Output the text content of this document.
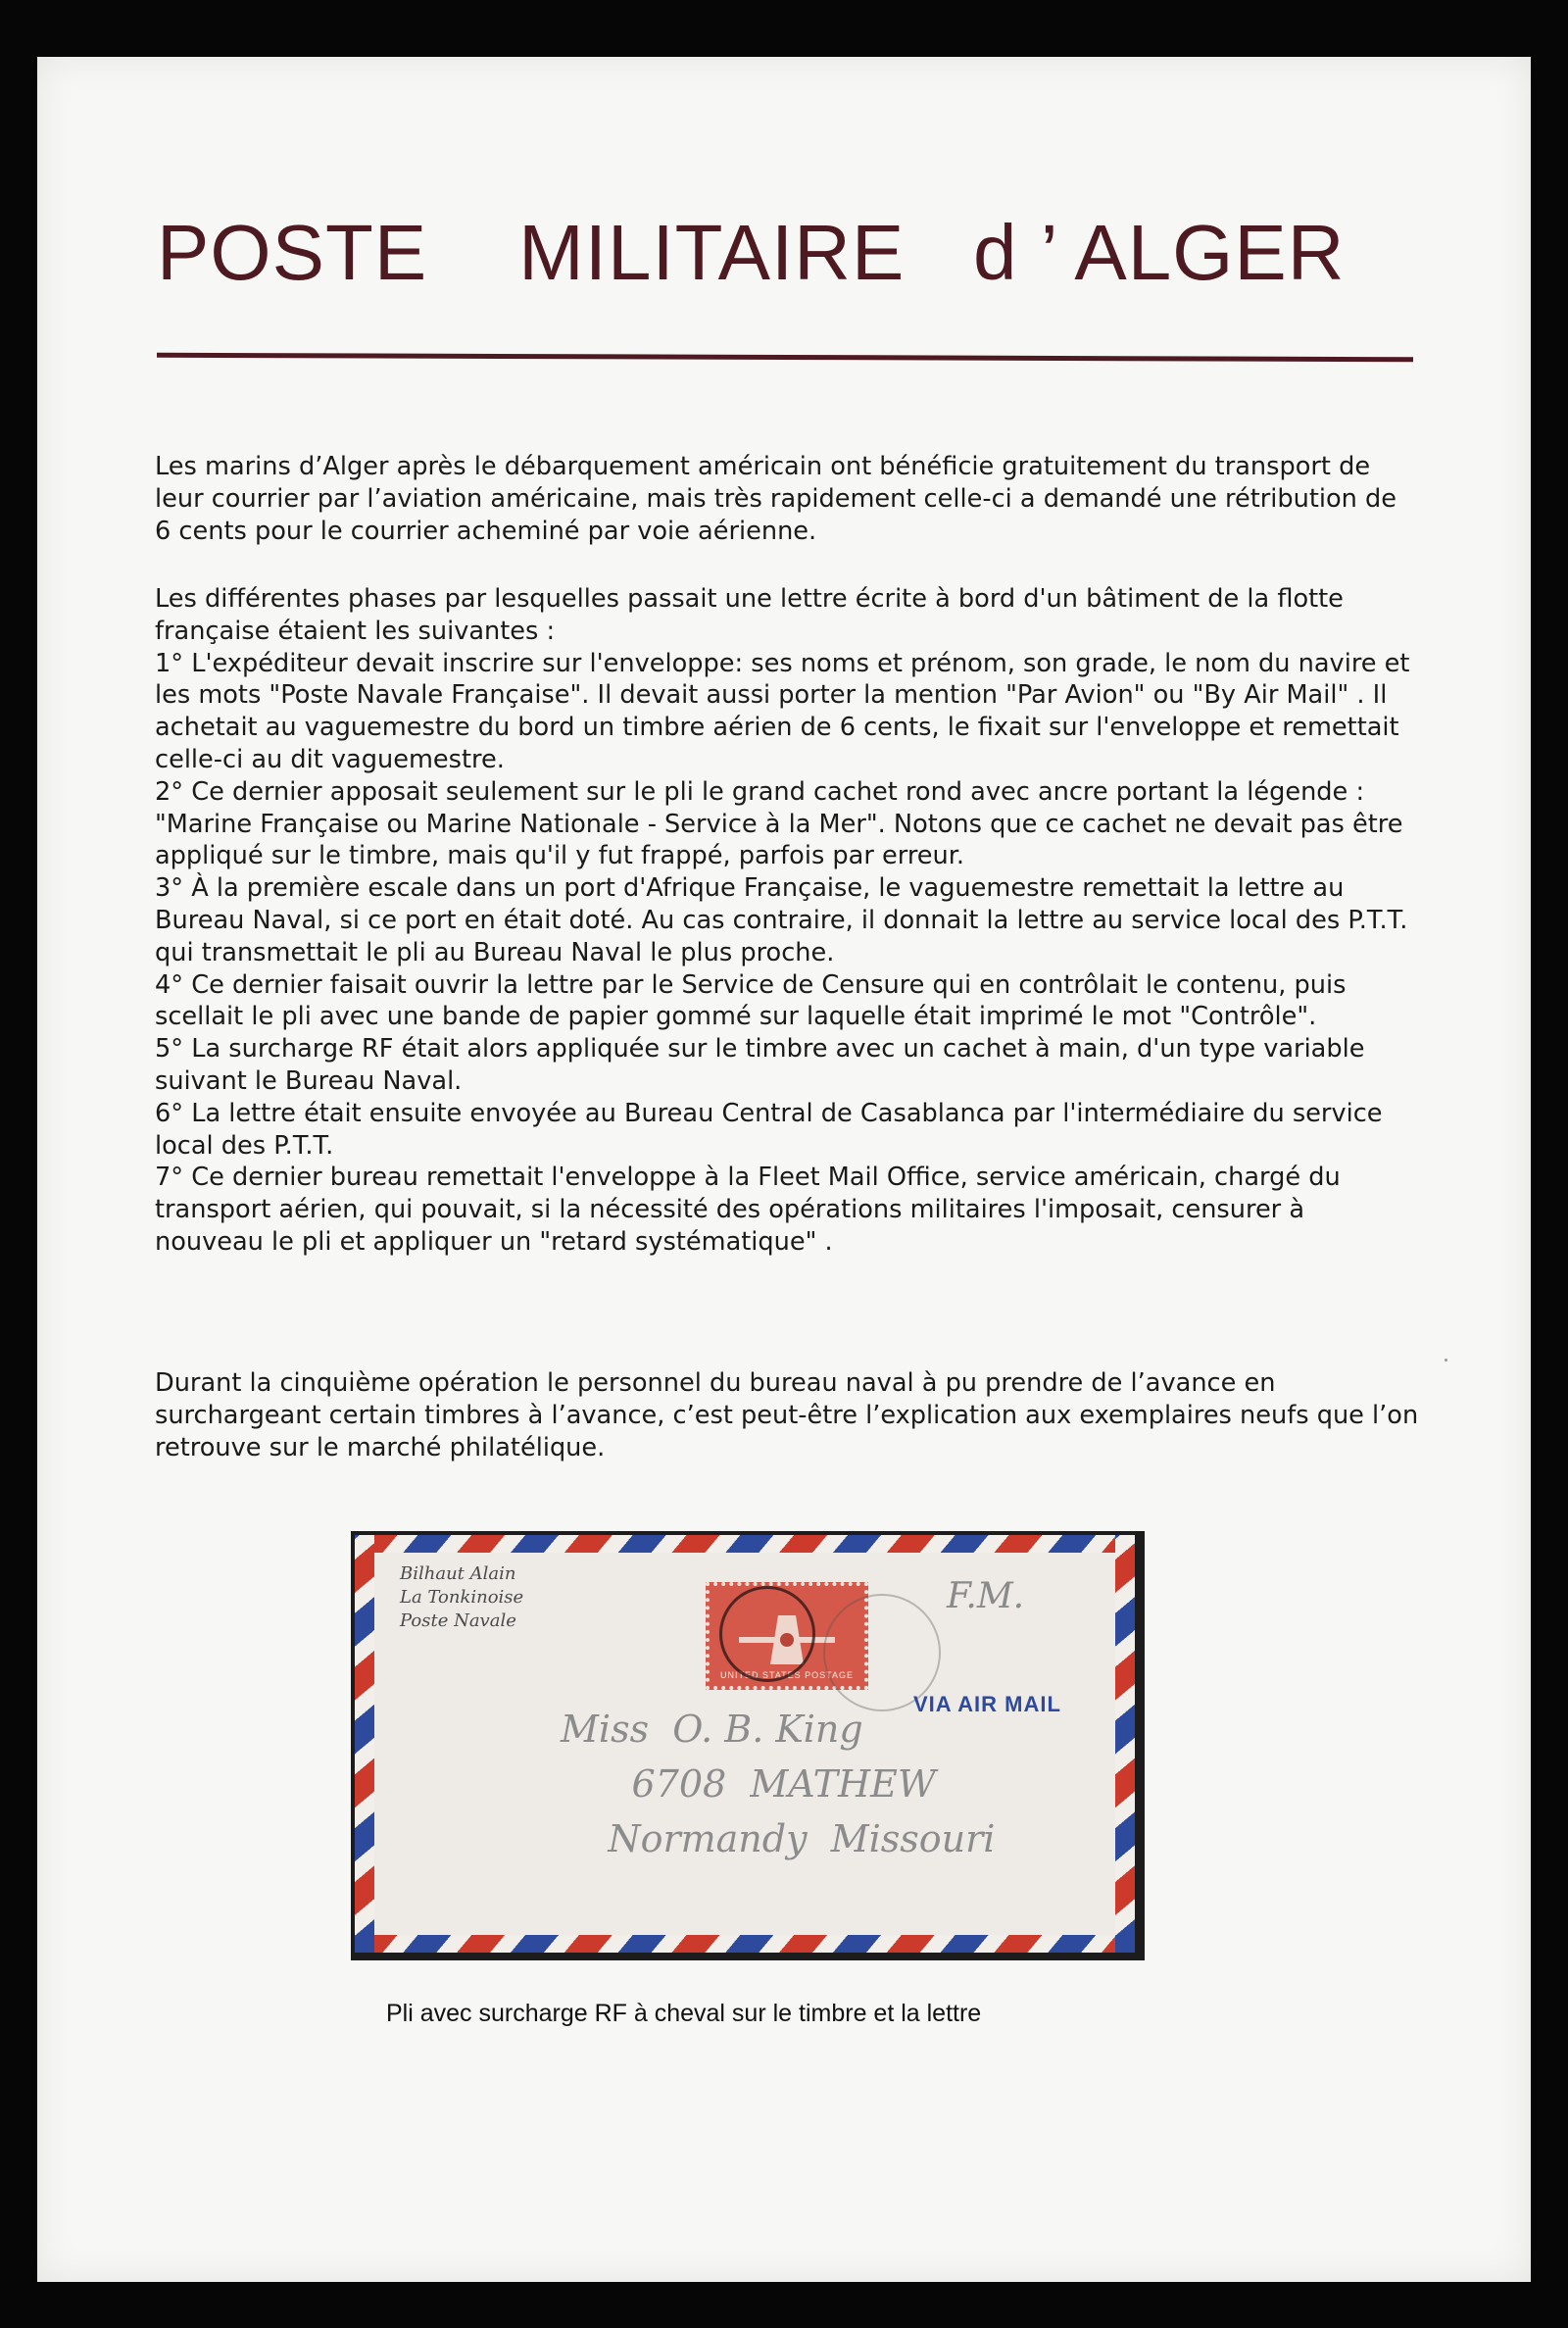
POSTE    MILITAIRE   d ’ ALGER

Les marins d’Alger après le débarquement américain ont bénéficie gratuitement du transport de leur courrier par l’aviation américaine, mais très rapidement celle-ci a demandé une rétribution de 6 cents pour le courrier acheminé par voie aérienne.

Les différentes phases par lesquelles passait une lettre écrite à bord d'un bâtiment de la flotte française étaient les suivantes :

1° L'expéditeur devait inscrire sur l'enveloppe: ses noms et prénom, son grade, le nom du navire et les mots "Poste Navale Française". Il devait aussi porter la mention "Par Avion" ou "By Air Mail" . Il achetait au vaguemestre du bord un timbre aérien de 6 cents, le fixait sur l'enveloppe et remettait celle-ci au dit vaguemestre.

2° Ce dernier apposait seulement sur le pli le grand cachet rond avec ancre portant la légende : "Marine Française ou Marine Nationale - Service à la Mer". Notons que ce cachet ne devait pas être appliqué sur le timbre, mais qu'il y fut frappé, parfois par erreur.

3° À la première escale dans un port d'Afrique Française, le vaguemestre remettait la lettre au Bureau Naval, si ce port en était doté. Au cas contraire, il donnait la lettre au service local des P.T.T. qui transmettait le pli au Bureau Naval le plus proche.

4° Ce dernier faisait ouvrir la lettre par le Service de Censure qui en contrôlait le contenu, puis scellait le pli avec une bande de papier gommé sur laquelle était imprimé le mot "Contrôle".

5° La surcharge RF était alors appliquée sur le timbre avec un cachet à main, d'un type variable suivant le Bureau Naval.

6° La lettre était ensuite envoyée au Bureau Central de Casablanca par l'intermédiaire du service local des P.T.T.

7° Ce dernier bureau remettait l'enveloppe à la Fleet Mail Office, service américain, chargé du transport aérien, qui pouvait, si la nécessité des opérations militaires l'imposait, censurer à nouveau le pli et appliquer un "retard systématique" .

Durant la cinquième opération le personnel du bureau naval à pu prendre de l’avance en surchargeant certain timbres à l’avance, c’est peut-être l’explication aux exemplaires neufs que l’on retrouve sur le marché philatélique.

Bilhaut Alain
La Tonkinoise
Poste Navale
F.M.
UNITED STATES POSTAGE
VIA AIR MAIL
Miss  O. B. King
6708  MATHEW
Normandy  Missouri
Pli avec surcharge RF à cheval sur le timbre et la lettre
